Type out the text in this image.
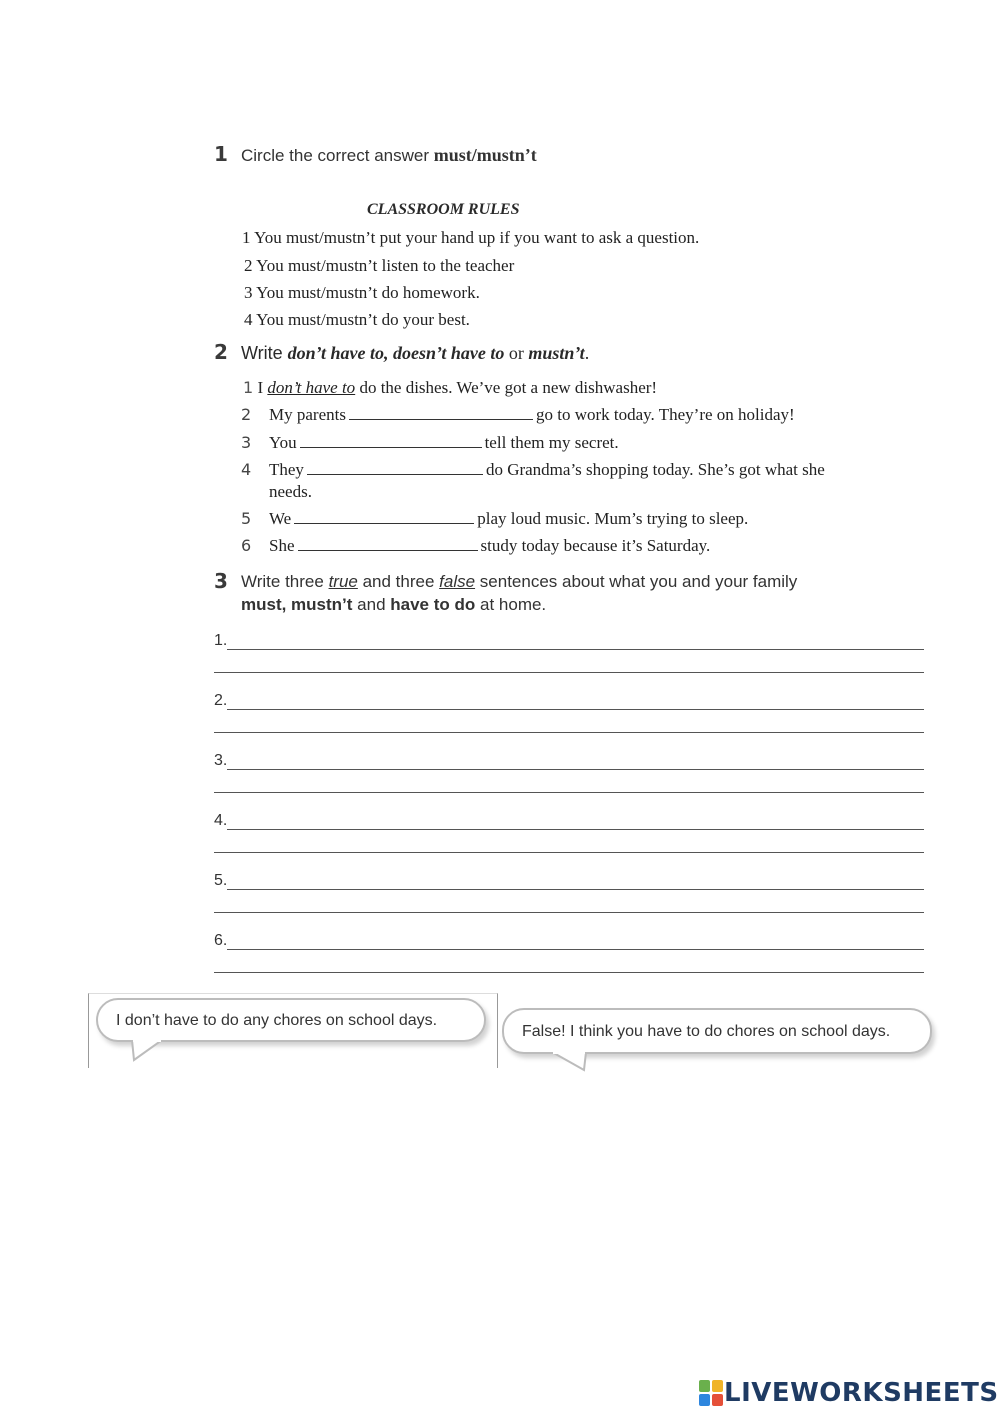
1 Circle the correct answer must/mustn’t
CLASSROOM RULES
1 You must/mustn’t put your hand up if you want to ask a question.
2 You must/mustn’t listen to the teacher
3 You must/mustn’t do homework.
4 You must/mustn’t do your best.
2 Write don’t have to, doesn’t have to or mustn’t.
1 I don’t have to do the dishes. We’ve got a new dishwasher!
2 My parents	go to work today. They’re on holiday!
3 You	tell them my secret.
4 They	do Grandma’s shopping today. She’s got what she
needs.
5 We	play loud music. Mum’s trying to sleep.
6 She	study today because it’s Saturday.
3 Write three true and three false sentences about what you and your family
must, mustn’t and have to do at home.
1.
2.
3.
4.
5.
6.
I don’t have to do any chores on school days.
False! I think you have to do chores on school days.
LIVEWORKSHEETS
